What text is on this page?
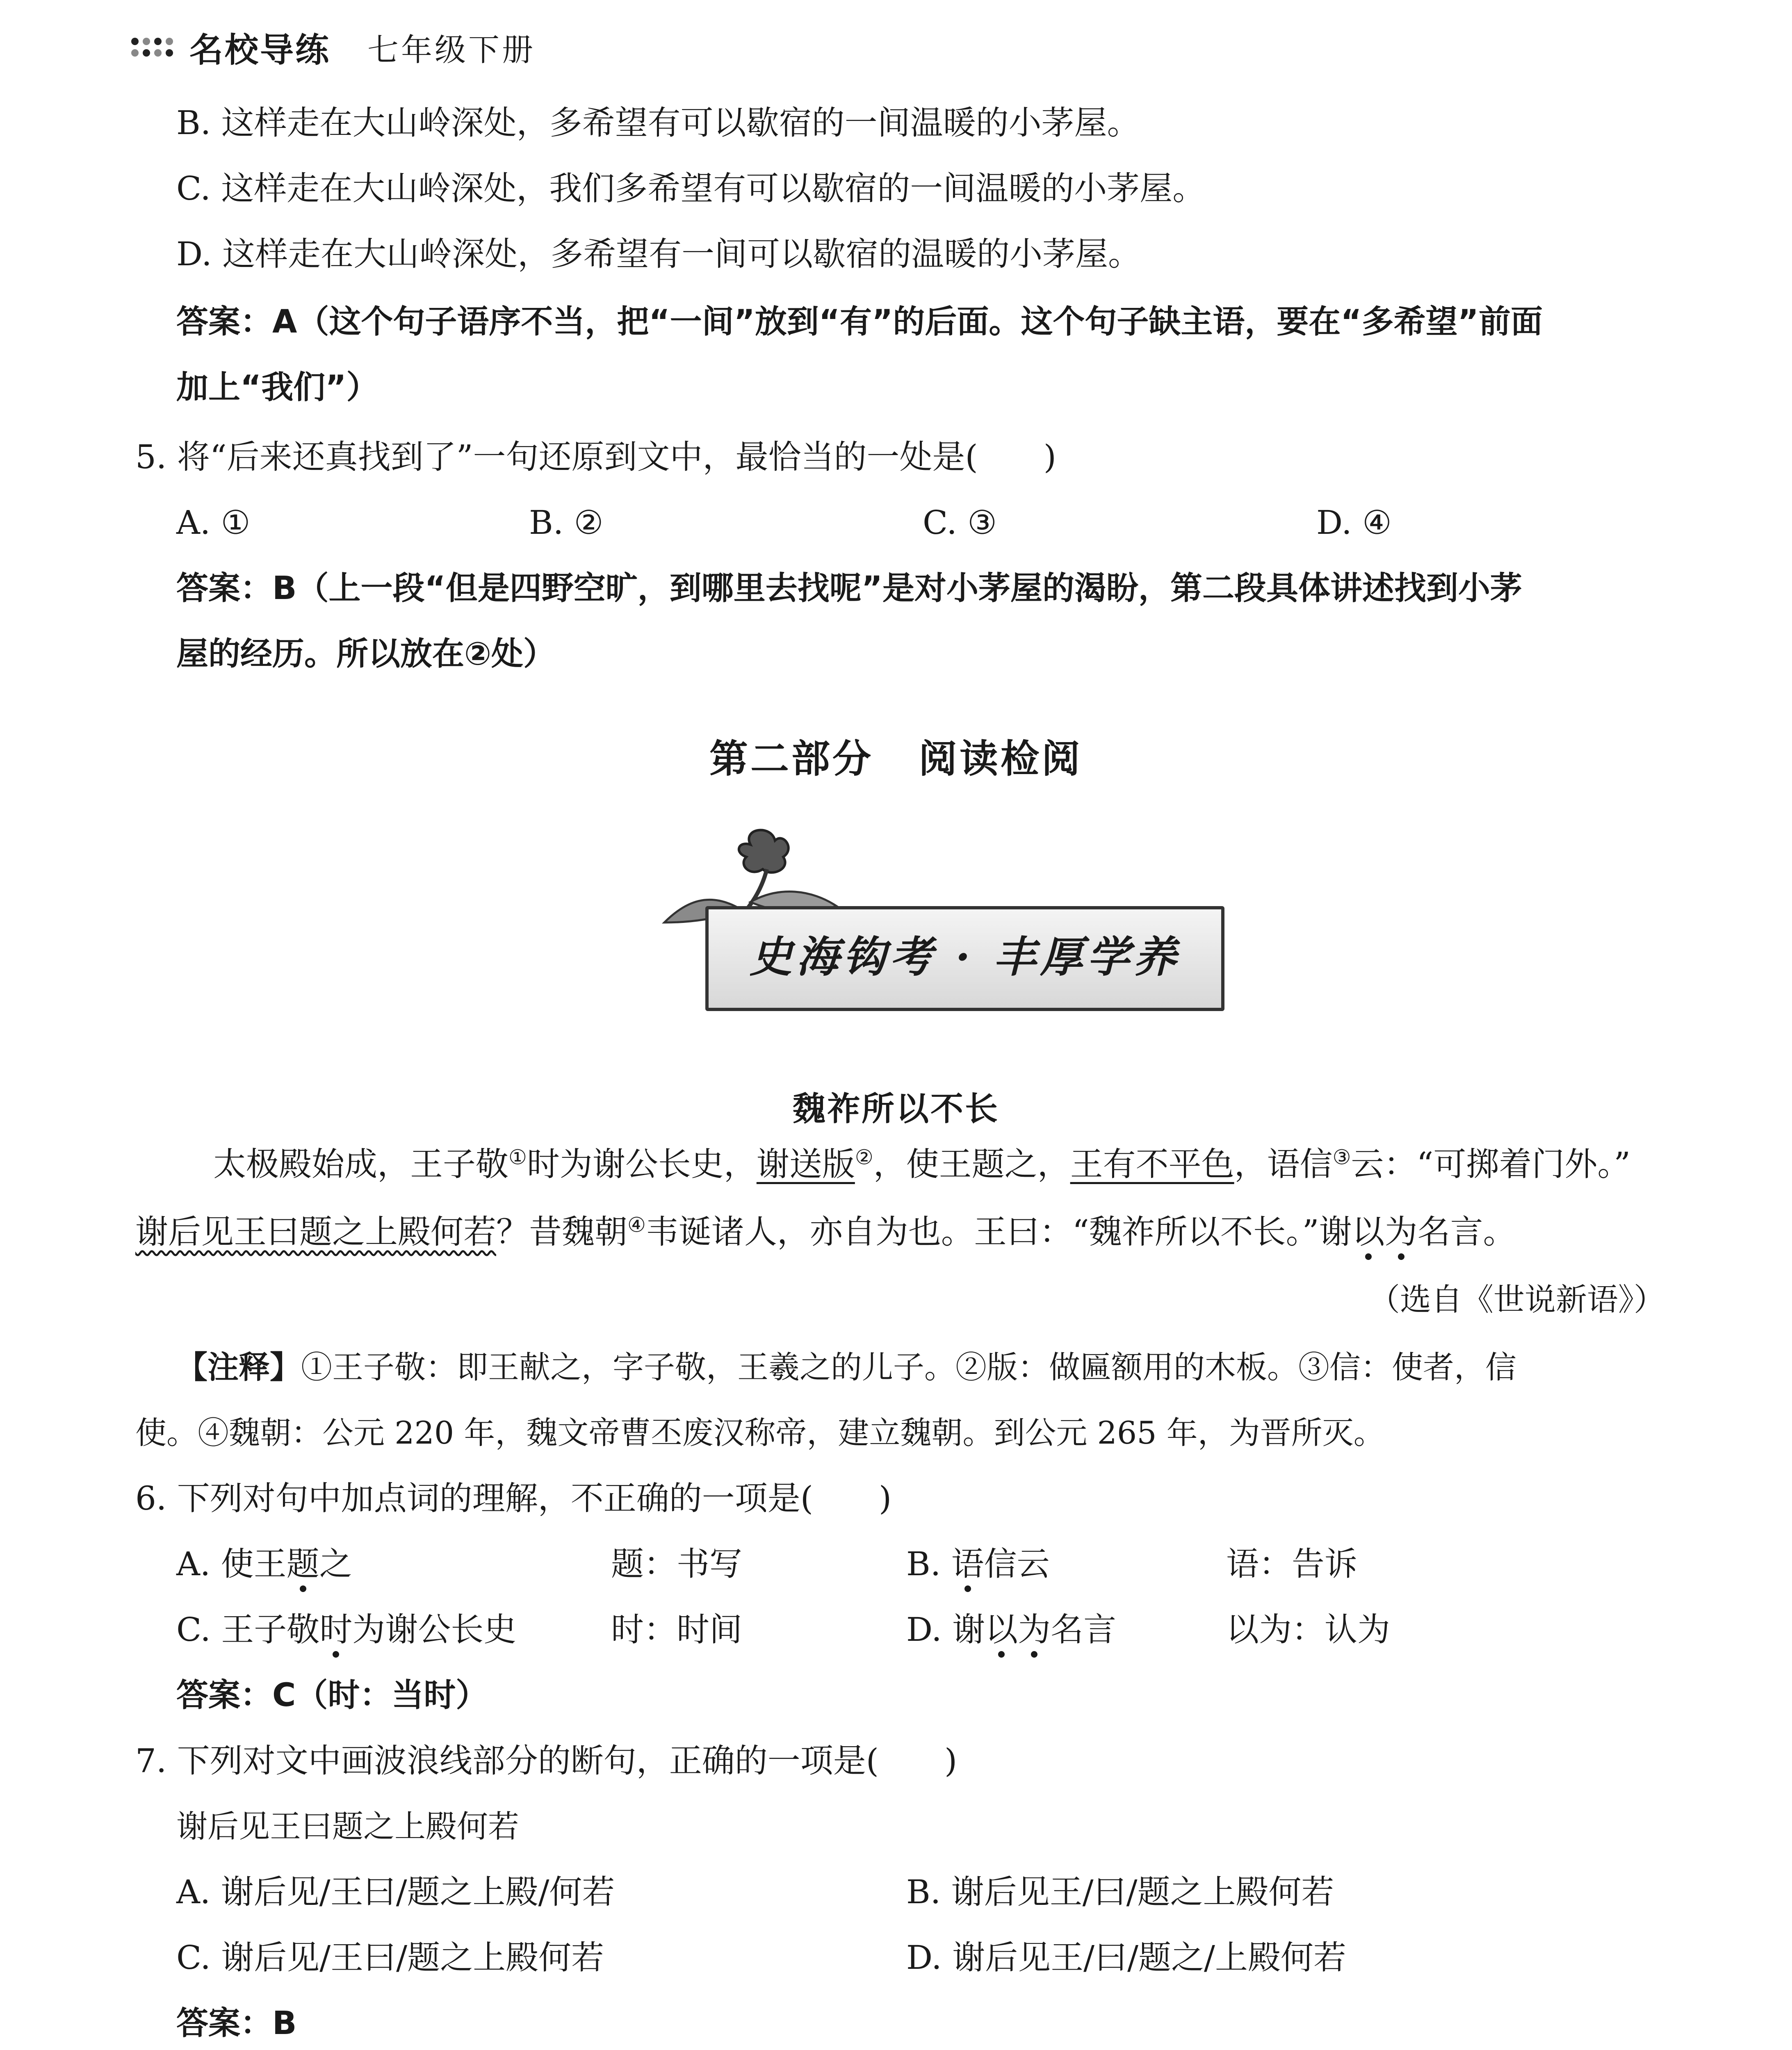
名校导练 七年级下册
B. 这样走在大山岭深处，多希望有可以歇宿的一间温暖的小茅屋。
C. 这样走在大山岭深处，我们多希望有可以歇宿的一间温暖的小茅屋。
D. 这样走在大山岭深处，多希望有一间可以歇宿的温暖的小茅屋。
答案：A（这个句子语序不当，把“一间”放到“有”的后面。这个句子缺主语，要在“多希望”前面
加上“我们”）
5. 将“后来还真找到了”一句还原到文中，最恰当的一处是(　　)
A. ①	B. ②	C. ③	D. ④
答案：B（上一段“但是四野空旷，到哪里去找呢”是对小茅屋的渴盼，第二段具体讲述找到小茅
屋的经历。所以放在②处）
第二部分 阅读检阅
史海钩考 · 丰厚学养
魏祚所以不长
太极殿始成，王子敬①时为谢公长史，谢送版②，使王题之，王有不平色，语信③云：“可掷着门外。”
谢后见王曰题之上殿何若？昔魏朝④韦诞诸人，亦自为也。王曰：“魏祚所以不长。”谢以为名言。
（选自《世说新语》）
【注释】①王子敬：即王献之，字子敬，王羲之的儿子。②版：做匾额用的木板。③信：使者，信
使。④魏朝：公元 220 年，魏文帝曹丕废汉称帝，建立魏朝。到公元 265 年，为晋所灭。
6. 下列对句中加点词的理解，不正确的一项是(　　)
A. 使王题之	题：书写	B. 语信云	语：告诉
C. 王子敬时为谢公长史	时：时间	D. 谢以为名言	以为：认为
答案：C（时：当时）
7. 下列对文中画波浪线部分的断句，正确的一项是(　　)
谢后见王曰题之上殿何若
A. 谢后见/王曰/题之上殿/何若	B. 谢后见王/曰/题之上殿何若
C. 谢后见/王曰/题之上殿何若	D. 谢后见王/曰/题之/上殿何若
答案：B
